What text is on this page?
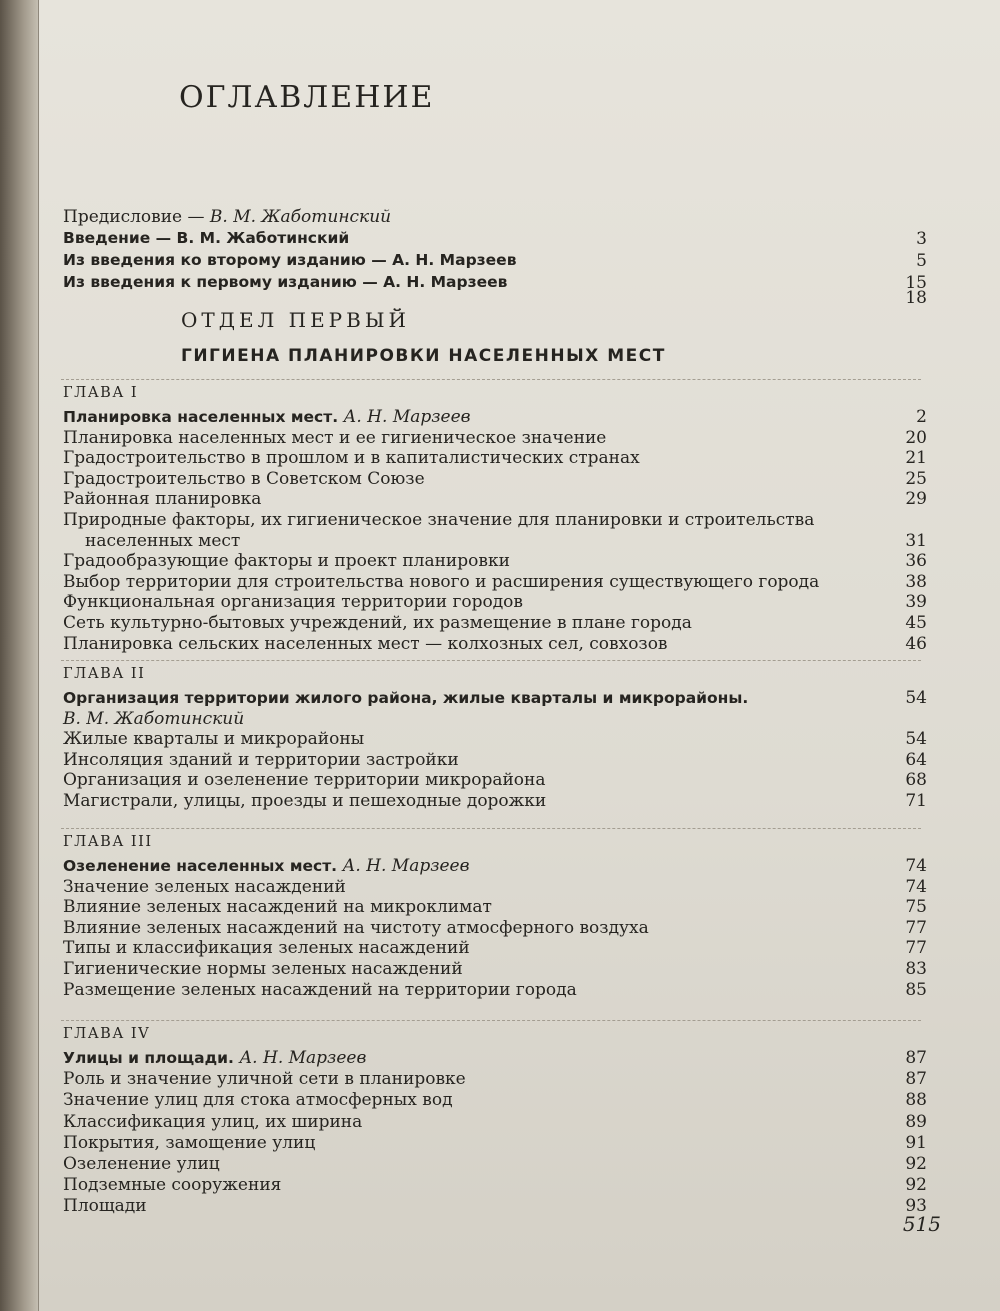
ОГЛАВЛЕНИЕ
Предисловие — В. М. Жаботинский
Введение — В. М. Жаботинский	3
Из введения ко второму изданию — А. Н. Марзеев	5
Из введения к первому изданию — А. Н. Марзеев	15
18
ОТДЕЛ ПЕРВЫЙ
ГИГИЕНА ПЛАНИРОВКИ НАСЕЛЕННЫХ МЕСТ
ГЛАВА I
Планировка населенных мест. А. Н. Марзеев	2
Планировка населенных мест и ее гигиеническое значение	20
Градостроительство в прошлом и в капиталистических странах	21
Градостроительство в Советском Союзе	25
Районная планировка	29
Природные факторы, их гигиеническое значение для планировки и строительства
населенных мест	31
Градообразующие факторы и проект планировки	36
Выбор территории для строительства нового и расширения существующего города	38
Функциональная организация территории городов	39
Сеть культурно-бытовых учреждений, их размещение в плане города	45
Планировка сельских населенных мест — колхозных сел, совхозов	46
ГЛАВА II
Организация территории жилого района, жилые кварталы и микрорайоны.	54
В. М. Жаботинский
Жилые кварталы и микрорайоны	54
Инсоляция зданий и территории застройки	64
Организация и озеленение территории микрорайона	68
Магистрали, улицы, проезды и пешеходные дорожки	71
ГЛАВА III
Озеленение населенных мест. А. Н. Марзеев	74
Значение зеленых насаждений	74
Влияние зеленых насаждений на микроклимат	75
Влияние зеленых насаждений на чистоту атмосферного воздуха	77
Типы и классификация зеленых насаждений	77
Гигиенические нормы зеленых насаждений	83
Размещение зеленых насаждений на территории города	85
ГЛАВА IV
Улицы и площади. А. Н. Марзеев	87
Роль и значение уличной сети в планировке	87
Значение улиц для стока атмосферных вод	88
Классификация улиц, их ширина	89
Покрытия, замощение улиц	91
Озеленение улиц	92
Подземные сооружения	92
Площади	93
515
